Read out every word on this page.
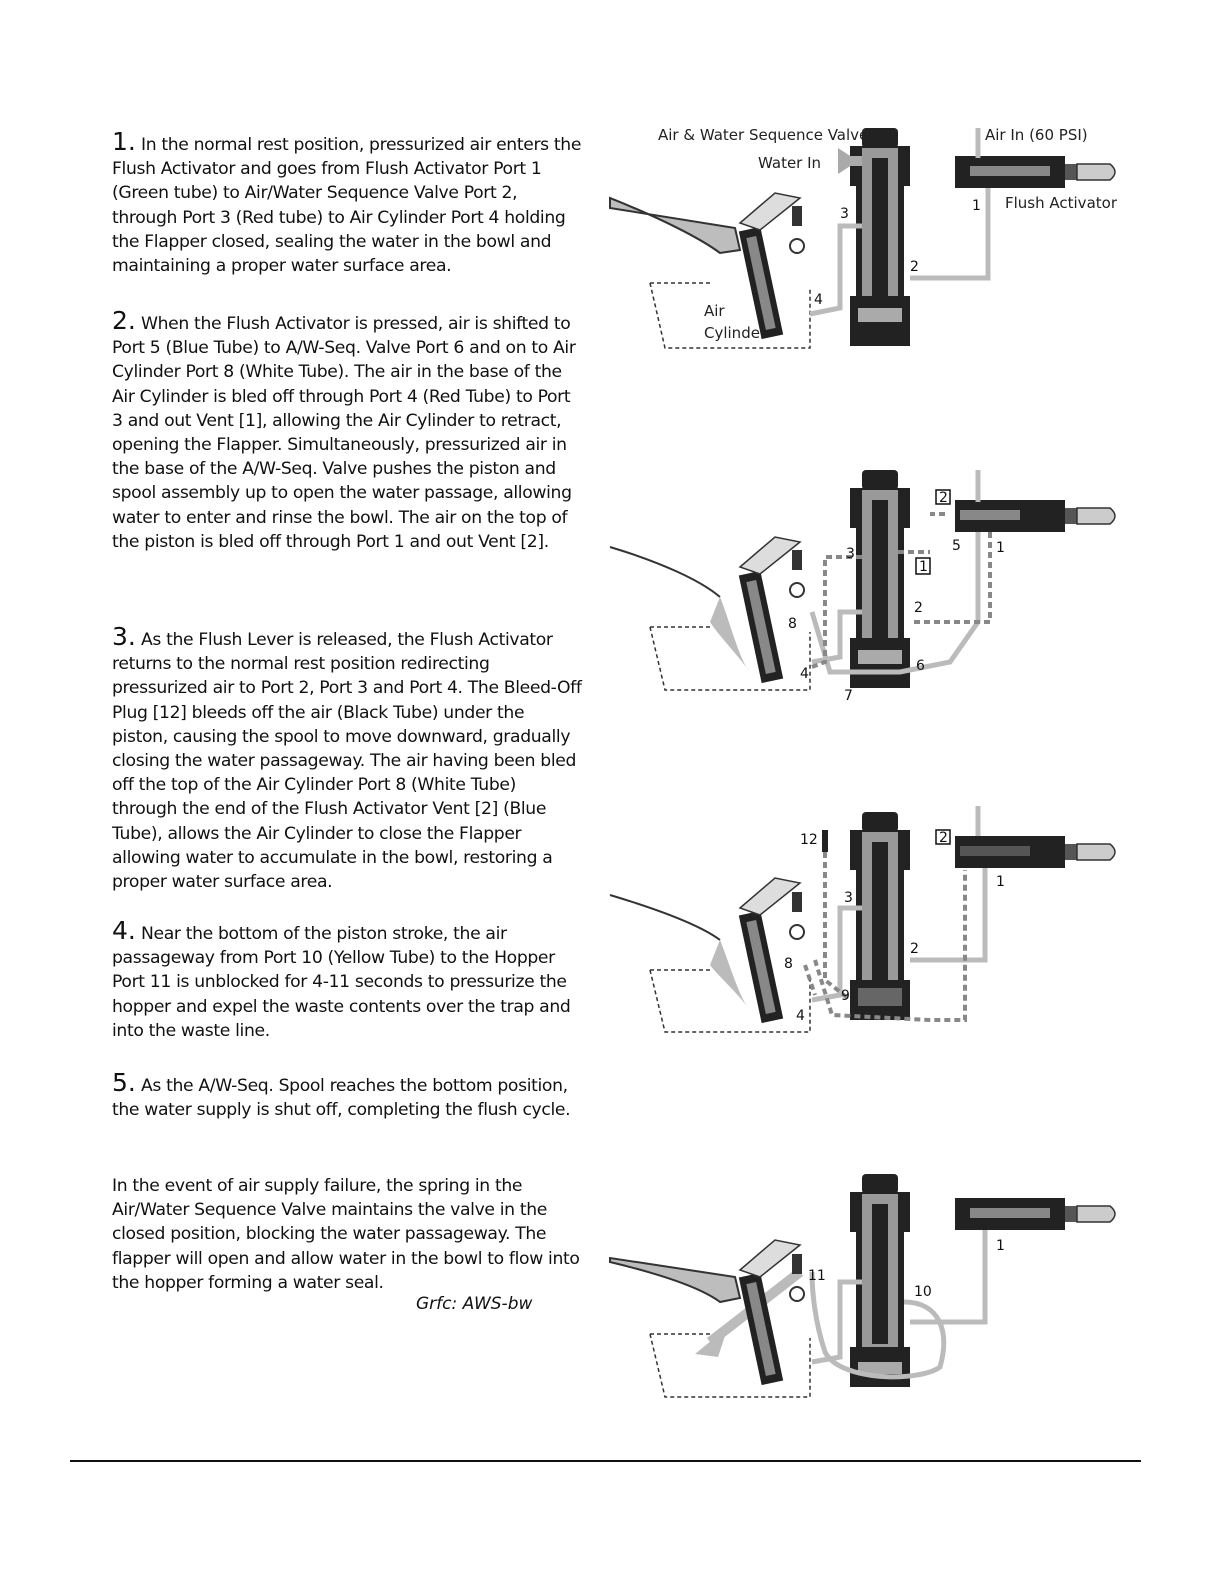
1. In the normal rest position, pressurized air enters the Flush Activator and goes from Flush Activator Port 1 (Green tube) to Air/Water Sequence Valve Port 2, through Port 3 (Red tube) to Air Cylinder Port 4 holding the Flapper closed, sealing the water in the bowl and maintaining a proper water surface area.

2. When the Flush Activator is pressed, air is shifted to Port 5 (Blue Tube) to A/W-Seq. Valve Port 6 and on to Air Cylinder Port 8 (White Tube). The air in the base of the Air Cylinder is bled off through Port 4 (Red Tube) to Port 3 and out Vent [1], allowing the Air Cylinder to retract, opening the Flapper. Simultaneously, pressurized air in the base of the A/W-Seq. Valve pushes the piston and spool assembly up to open the water passage, allowing water to enter and rinse the bowl. The air on the top of the piston is bled off through Port 1 and out Vent [2].

3. As the Flush Lever is released, the Flush Activator returns to the normal rest position redirecting pressurized air to Port 2, Port 3 and Port 4. The Bleed-Off Plug [12] bleeds off the air (Black Tube) under the piston, causing the spool to move downward, gradually closing the water passageway. The air having been bled off the top of the Air Cylinder Port 8 (White Tube) through the end of the Flush Activator Vent [2] (Blue Tube), allows the Air Cylinder to close the Flapper allowing water to accumulate in the bowl, restoring a proper water surface area.

4. Near the bottom of the piston stroke, the air passageway from Port 10 (Yellow Tube) to the Hopper Port 11 is unblocked for 4-11 seconds to pressurize the hopper and expel the waste contents over the trap and into the waste line.

5. As the A/W-Seq. Spool reaches the bottom position, the water supply is shut off, completing the flush cycle.

In the event of air supply failure, the spring in the Air/Water Sequence Valve maintains the valve in the closed position, blocking the water passageway. The flapper will open and allow water in the bowl to flow into the hopper forming a water seal.

Grfc: AWS-bw
Air & Water Sequence Valve
Water In
Air In (60 PSI)
Flush Activator
Air
Cylinder
1
2
3
4
2
1
5	1
3
2
8
4	6
7
2
12
3
2
8
9
4
1
11
10
1
